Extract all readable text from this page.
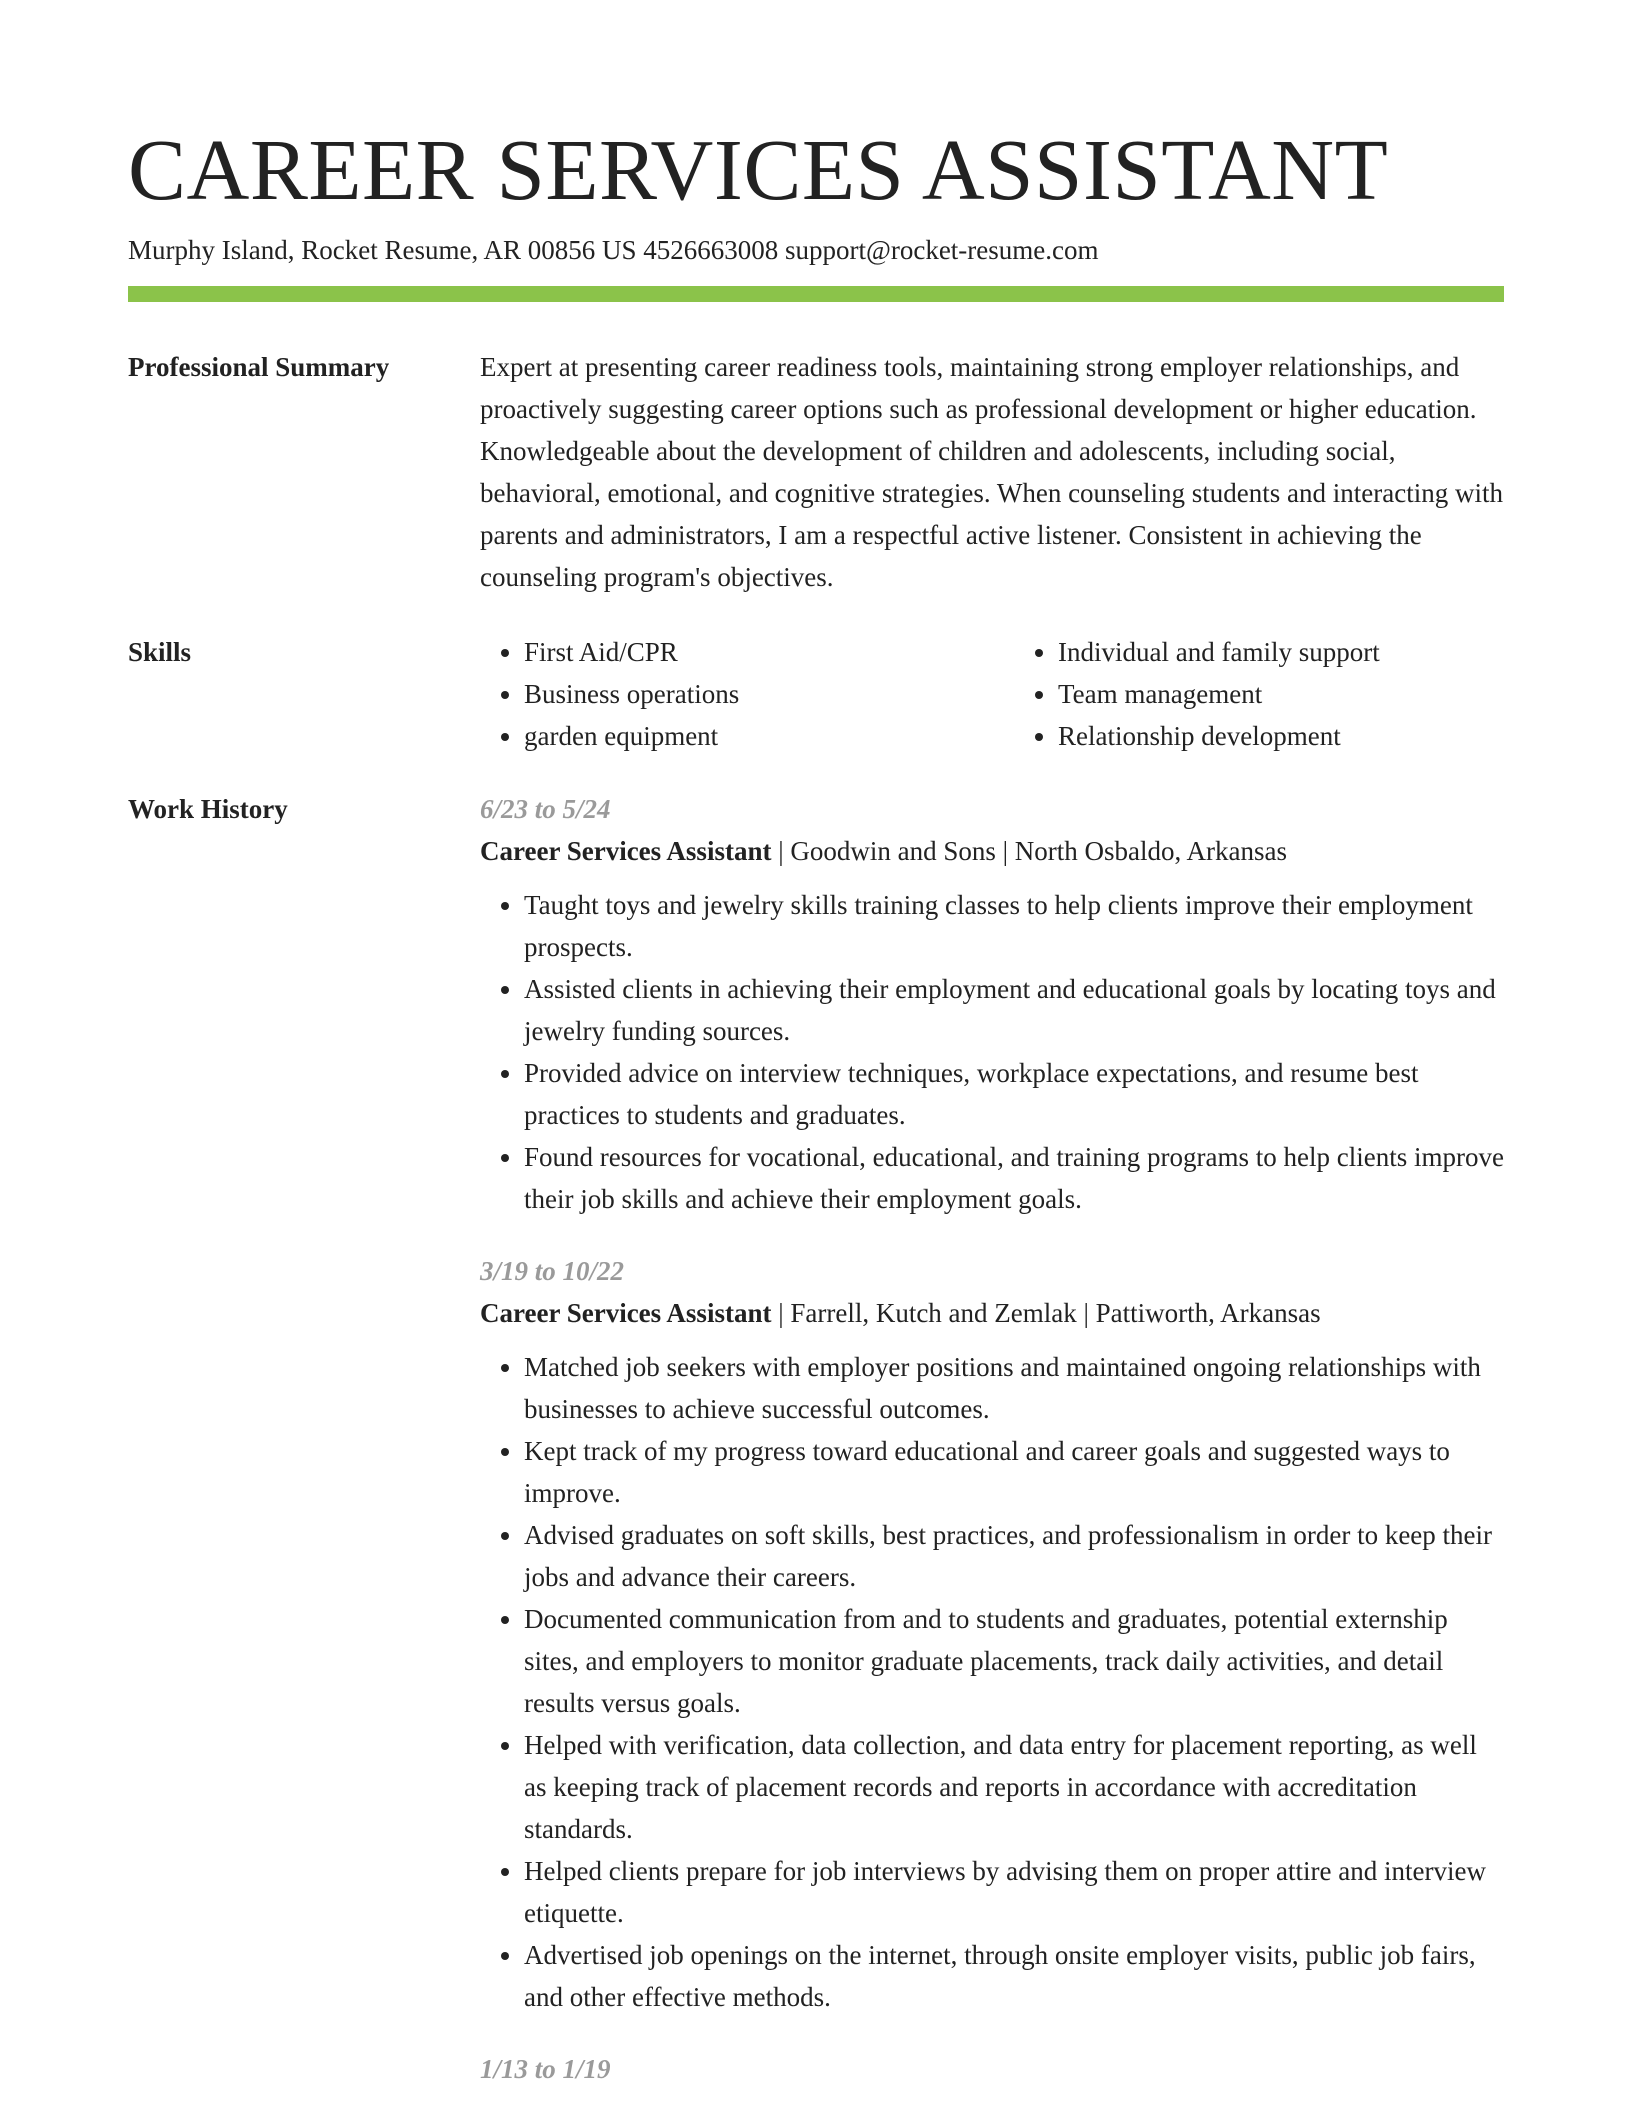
CAREER SERVICES ASSISTANT
Murphy Island, Rocket Resume, AR 00856 US 4526663008 support@rocket-resume.com
Professional Summary	Expert at presenting career readiness tools, maintaining strong employer relationships, and proactively suggesting career options such as professional development or higher education. Knowledgeable about the development of children and adolescents, including social, behavioral, emotional, and cognitive strategies. When counseling students and interacting with parents and administrators, I am a respectful active listener. Consistent in achieving the counseling program's objectives.

Skills
•	First Aid/CPR
• Business operations
• garden equipment
• Individual and family support
• Team management
• Relationship development
Work History	6/23 to 5/24
Career Services Assistant | Goodwin and Sons | North Osbaldo, Arkansas
• Taught toys and jewelry skills training classes to help clients improve their employment prospects.
• Assisted clients in achieving their employment and educational goals by locating toys and jewelry funding sources.
• Provided advice on interview techniques, workplace expectations, and resume best practices to students and graduates.
• Found resources for vocational, educational, and training programs to help clients improve their job skills and achieve their employment goals.
3/19 to 10/22
Career Services Assistant | Farrell, Kutch and Zemlak | Pattiworth, Arkansas
• Matched job seekers with employer positions and maintained ongoing relationships with businesses to achieve successful outcomes.
• Kept track of my progress toward educational and career goals and suggested ways to improve.
• Advised graduates on soft skills, best practices, and professionalism in order to keep their jobs and advance their careers.
• Documented communication from and to students and graduates, potential externship sites, and employers to monitor graduate placements, track daily activities, and detail results versus goals.
• Helped with verification, data collection, and data entry for placement reporting, as well as keeping track of placement records and reports in accordance with accreditation standards.
• Helped clients prepare for job interviews by advising them on proper attire and interview etiquette.
• Advertised job openings on the internet, through onsite employer visits, public job fairs, and other effective methods.
1/13 to 1/19
